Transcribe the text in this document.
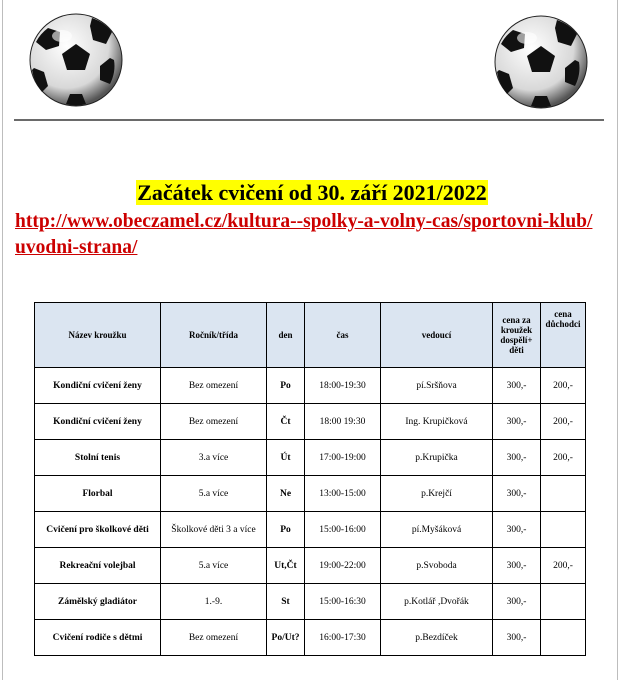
Začátek cvičení od 30. září 2021/2022
http://www.obeczamel.cz/kultura--spolky-a-volny-cas/sportovni-klub/uvodni-strana/
Název kroužku	Ročník/třída	den	čas	vedoucí	cena za kroužek dospělí+ děti	cena důchodci
Kondiční cvičení ženy	Bez omezení	Po	18:00-19:30	pí.Sršňova	300,-	200,-
Kondiční cvičení ženy	Bez omezení	Čt	18:00 19:30	Ing. Krupičková	300,-	200,-
Stolní tenis	3.a více	Út	17:00-19:00	p.Krupička	300,-	200,-
Florbal	5.a více	Ne	13:00-15:00	p.Krejčí	300,-	
Cvičení pro školkové děti	Školkové děti 3 a více	Po	15:00-16:00	pí.Myšáková	300,-	
Rekreační volejbal	5.a více	Ut,Čt	19:00-22:00	p.Svoboda	300,-	200,-
Zámělský gladiátor	1.-9.	St	15:00-16:30	p.Kotlář ,Dvořák	300,-	
Cvičení rodiče s dětmi	Bez omezení	Po/Ut?	16:00-17:30	p.Bezdíček	300,-	
